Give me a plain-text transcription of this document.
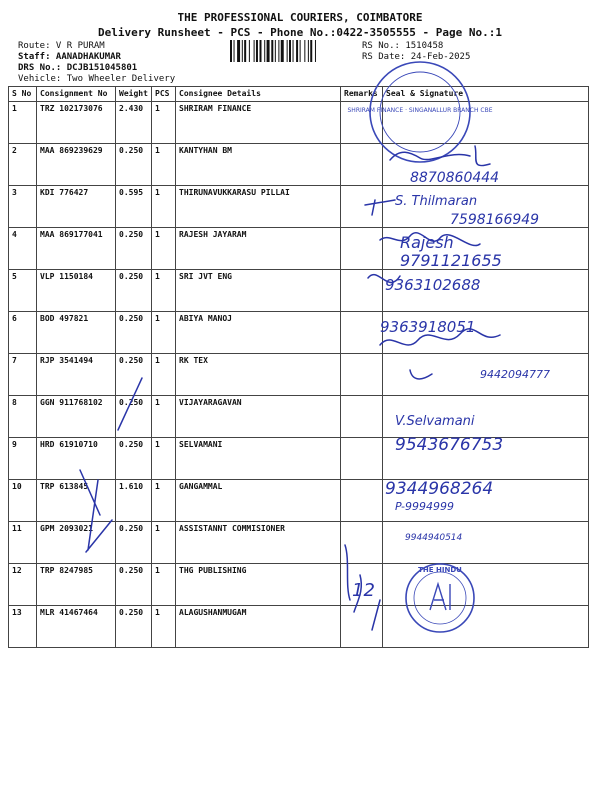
THE PROFESSIONAL COURIERS, COIMBATORE
Delivery Runsheet - PCS - Phone No.:0422-3505555 - Page No.:1
Route: V R PURAM
Staff: AANADHAKUMAR
DRS No.: DCJB151045801
Vehicle: Two Wheeler Delivery
RS No.: 1510458
RS Date: 24-Feb-2025
S No	Consignment No	Weight	PCS	Consignee Details	Remarks	Seal & Signature
1	TRZ 102173076	2.430	1	SHRIRAM FINANCE		
2	MAA 869239629	0.250	1	KANTYHAN BM		
3	KDI 776427	0.595	1	THIRUNAVUKKARASU PILLAI		
4	MAA 869177041	0.250	1	RAJESH JAYARAM		
5	VLP 1150184	0.250	1	SRI JVT ENG		
6	BOD 497821	0.250	1	ABIYA MANOJ		
7	RJP 3541494	0.250	1	RK TEX		
8	GGN 911768102	0.250	1	VIJAYARAGAVAN		
9	HRD 61910710	0.250	1	SELVAMANI		
10	TRP 613845	1.610	1	GANGAMMAL		
11	GPM 2093021	0.250	1	ASSISTANNT COMMISIONER		
12	TRP 8247985	0.250	1	THG PUBLISHING		
13	MLR 41467464	0.250	1	ALAGUSHANMUGAM		
SHRIRAM FINANCE · SINGANALLUR BRANCH CBE
THE HINDU
8870860444
S. Thilmaran
7598166949
Rajesh
9791121655
9363102688
9363918051
9442094777
V.Selvamani
9543676753
9344968264
P-9994999
9944940514
12
